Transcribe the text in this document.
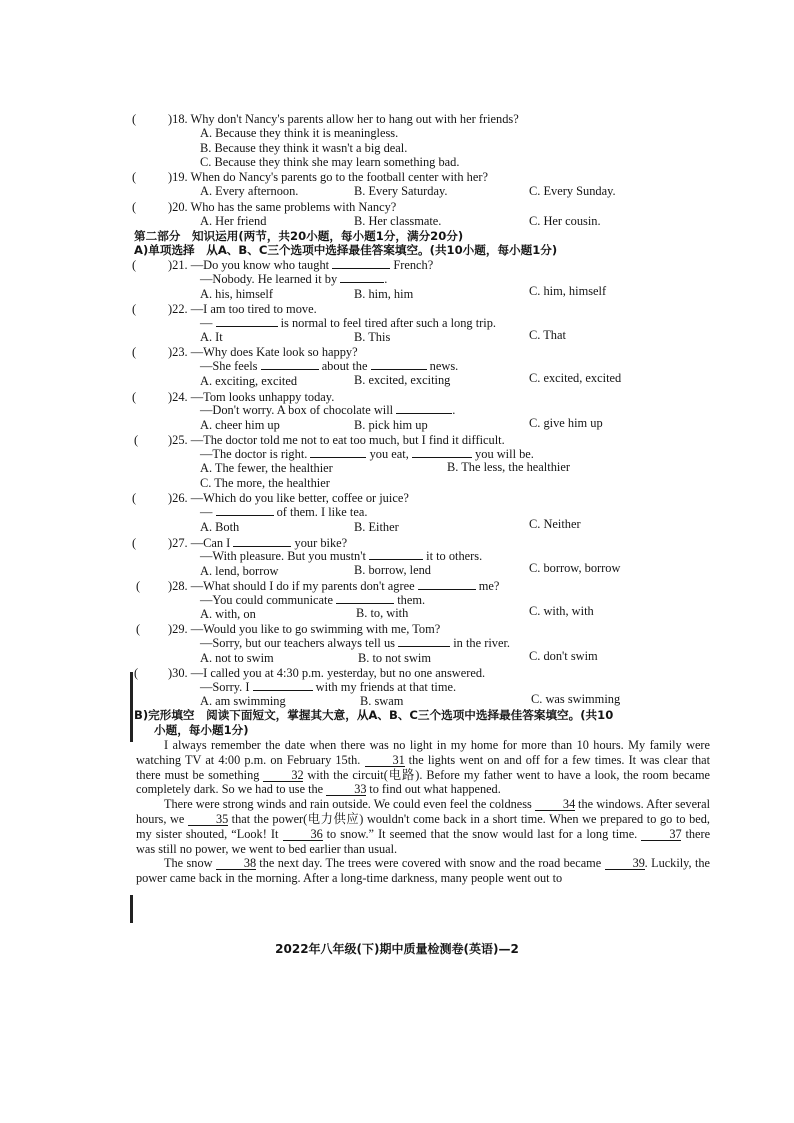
(
(
(
(
(
(
(
(
(
(
(
(
(
)18. Why don't Nancy's parents allow her to hang out with her friends?
A. Because they think it is meaningless.
B. Because they think it wasn't a big deal.
C. Because they think she may learn something bad.
)19. When do Nancy's parents go to the football center with her?
A. Every afternoon.	B. Every Saturday.	C. Every Sunday.
)20. Who has the same problems with Nancy?
A. Her friend	B. Her classmate.	C. Her cousin.
第二部分　知识运用(两节，共20小题，每小题1分，满分20分)
A)单项选择　从A、B、C三个选项中选择最佳答案填空。(共10小题，每小题1分)
)21. —Do you know who taught	French?
—Nobody. He learned it by	.
A. his, himself	B. him, him	C. him, himself
)22. —I am too tired to move.
—	is normal to feel tired after such a long trip.
A. It	B. This	C. That
)23. —Why does Kate look so happy?
—She feels	about the	news.
A. exciting, excited	B. excited, exciting	C. excited, excited
)24. —Tom looks unhappy today.
—Don't worry. A box of chocolate will	.
A. cheer him up	B. pick him up	C. give him up
)25. —The doctor told me not to eat too much, but I find it difficult.
—The doctor is right.	you eat,	you will be.
A. The fewer, the healthier	B. The less, the healthier
C. The more, the healthier
)26. —Which do you like better, coffee or juice?
—	of them. I like tea.
A. Both	B. Either	C. Neither
)27. —Can I	your bike?
—With pleasure. But you mustn't	it to others.
A. lend, borrow	B. borrow, lend	C. borrow, borrow
)28. —What should I do if my parents don't agree	me?
—You could communicate	them.
A. with, on	B. to, with	C. with, with
)29. —Would you like to go swimming with me, Tom?
—Sorry, but our teachers always tell us	in the river.
A. not to swim	B. to not swim	C. don't swim
)30. —I called you at 4:30 p.m. yesterday, but no one answered.
—Sorry. I	with my friends at that time.
A. am swimming	B. swam	C. was swimming
B)完形填空　阅读下面短文，掌握其大意，从A、B、C三个选项中选择最佳答案填空。(共10
小题，每小题1分)

I always remember the date when there was no light in my home for more than 10 hours. My family were watching TV at 4:00 p.m. on February 15th.	31 the lights went on and off for a few times. It was clear that there must be something	32 with the circuit(电路). Before my father went to have a look, the room became completely dark. So we had to use the	33 to find out what happened.

There were strong winds and rain outside. We could even feel the coldness	34 the windows. After several hours, we	35 that the power(电力供应) wouldn't come back in a short time. When we prepared to go to bed, my sister shouted, “Look! It	36 to snow.” It seemed that the snow would last for a long time.	37 there was still no power, we went to bed earlier than usual.

The snow	38 the next day. The trees were covered with snow and the road became	39. Luckily, the power came back in the morning. After a long-time darkness, many people went out to

2022年八年级(下)期中质量检测卷(英语)—2
